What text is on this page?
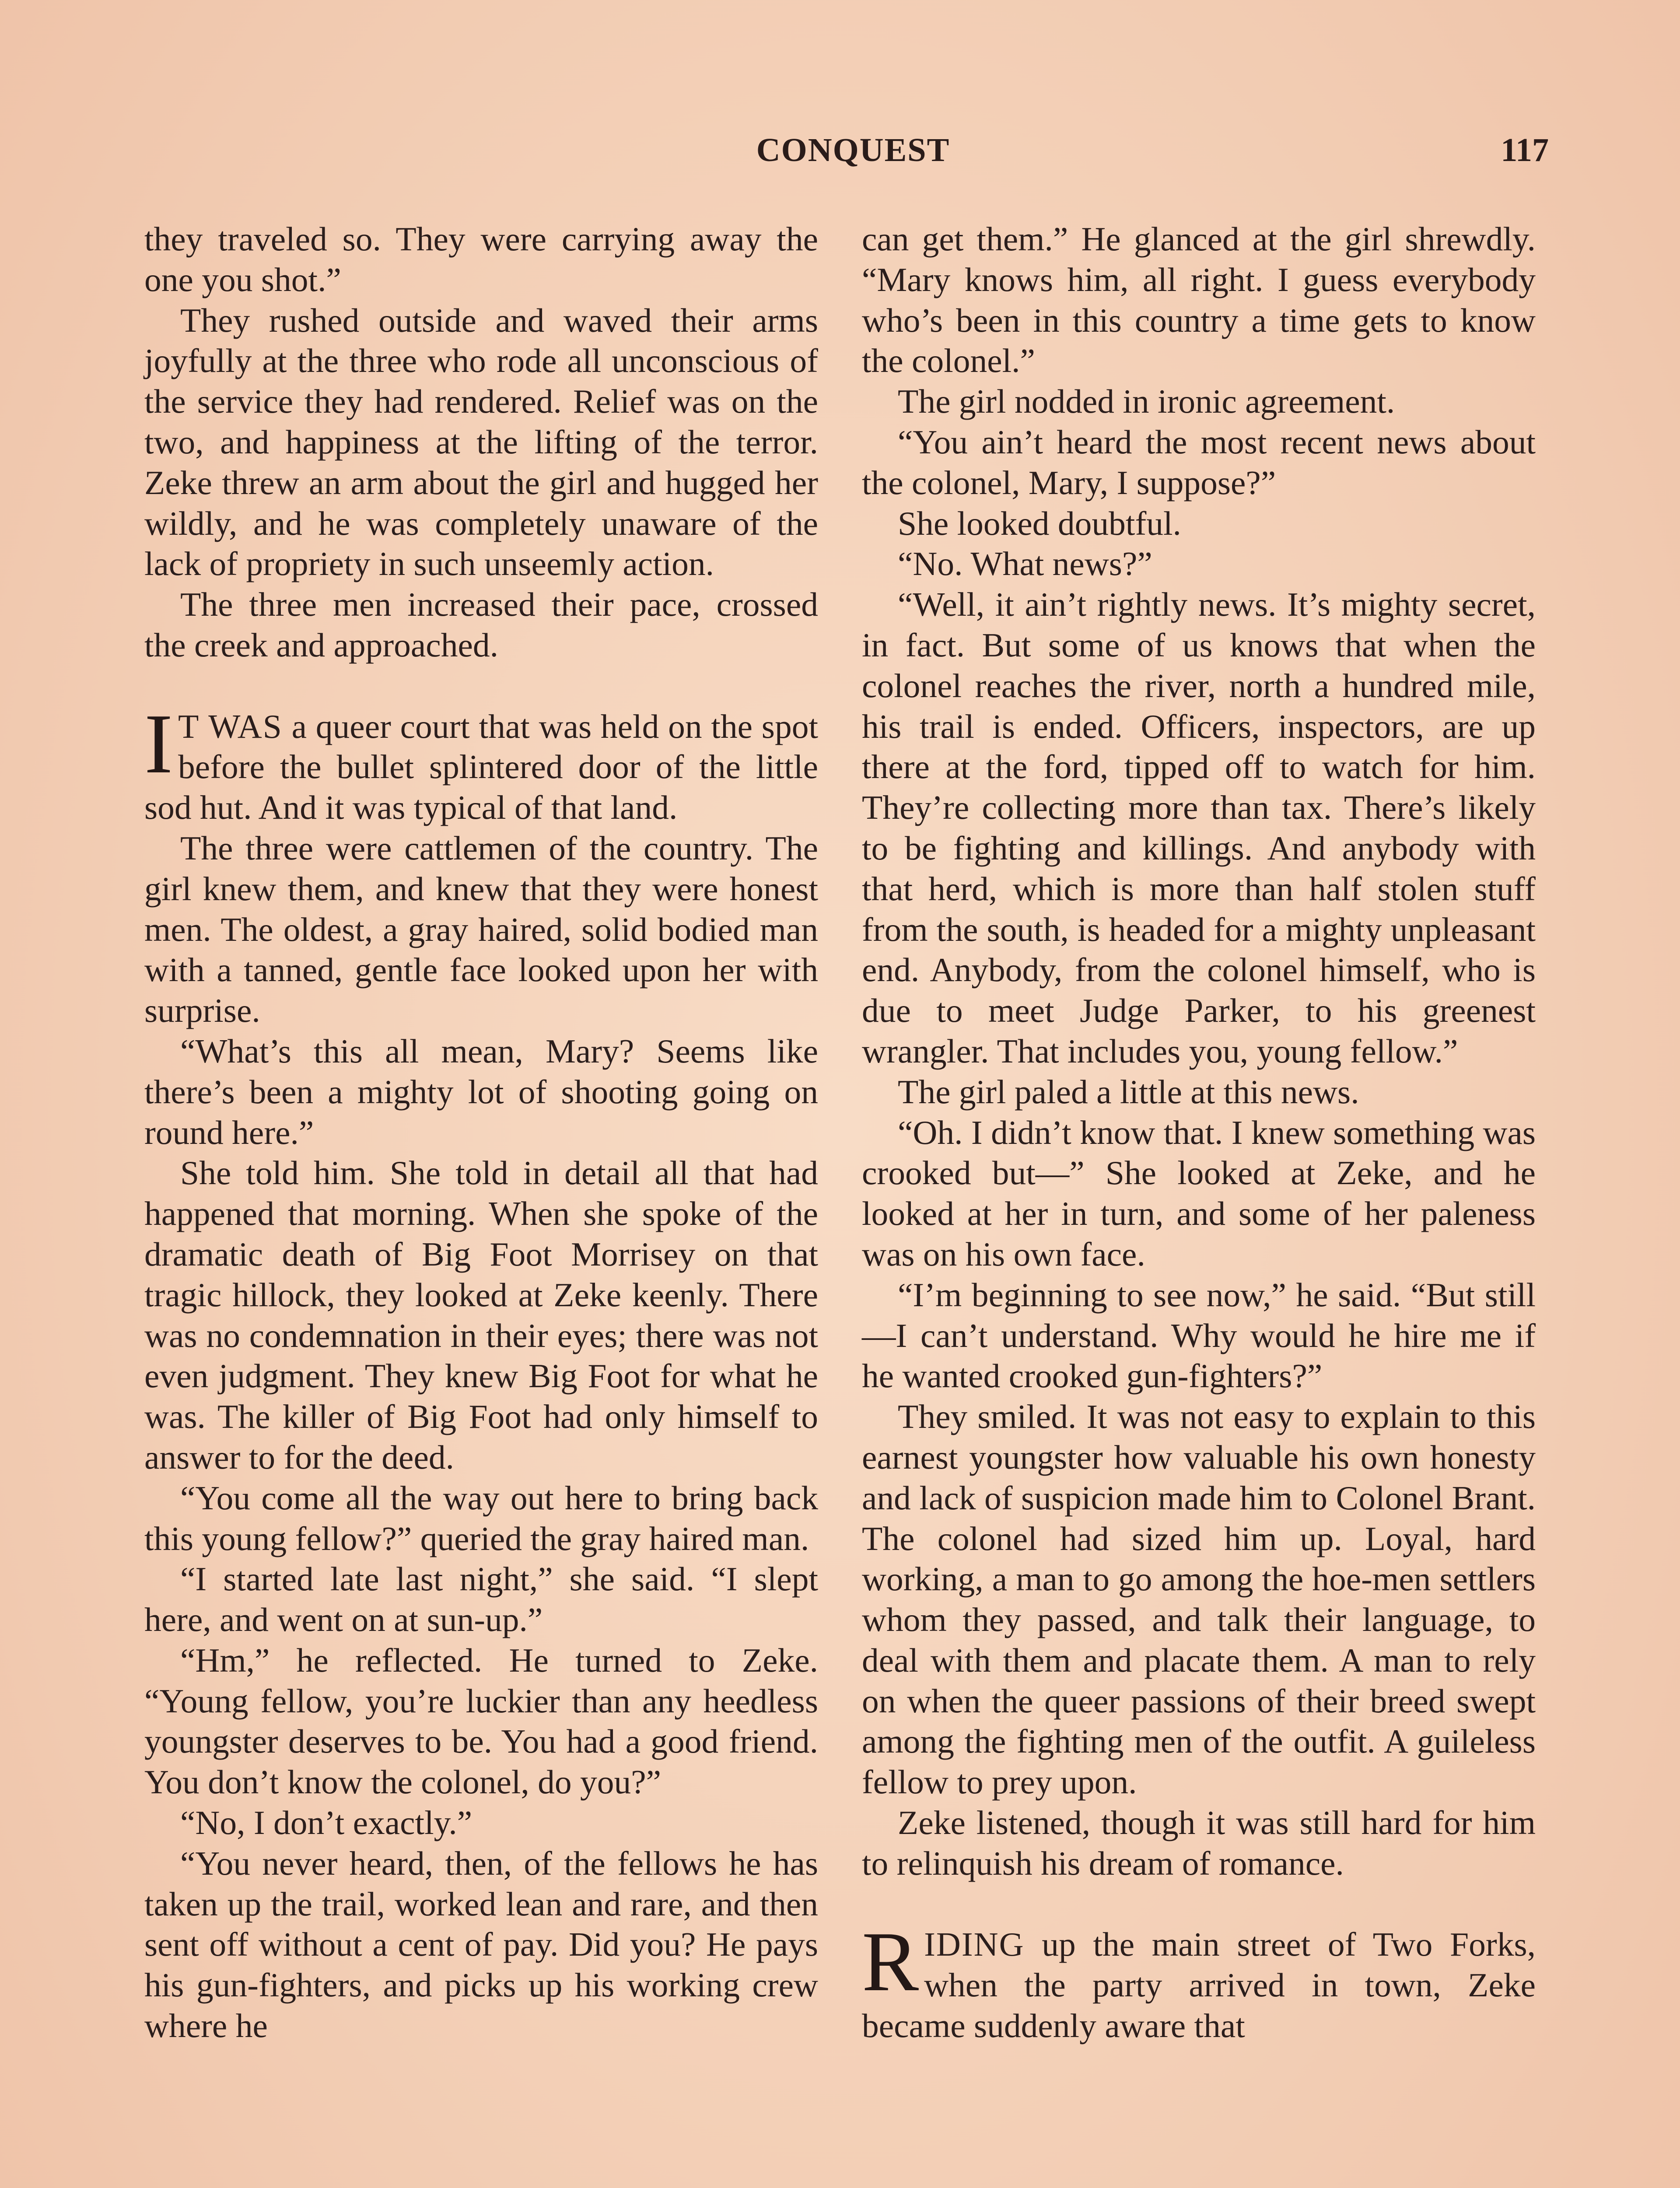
CONQUEST	117

they traveled so. They were carrying away the one you shot.”

They rushed outside and waved their arms joyfully at the three who rode all unconscious of the service they had rendered. Relief was on the two, and happiness at the lifting of the terror. Zeke threw an arm about the girl and hugged her wildly, and he was completely unaware of the lack of propriety in such unseemly action.

The three men increased their pace, crossed the creek and approached.

IT WAS a queer court that was held on the spot before the bullet splintered door of the little sod hut. And it was typical of that land.

The three were cattlemen of the country. The girl knew them, and knew that they were honest men. The oldest, a gray haired, solid bodied man with a tanned, gentle face looked upon her with surprise.

“What’s this all mean, Mary? Seems like there’s been a mighty lot of shooting going on round here.”

She told him. She told in detail all that had happened that morning. When she spoke of the dramatic death of Big Foot Morrisey on that tragic hillock, they looked at Zeke keenly. There was no condemnation in their eyes; there was not even judgment. They knew Big Foot for what he was. The killer of Big Foot had only himself to answer to for the deed.

“You come all the way out here to bring back this young fellow?” queried the gray haired man.

“I started late last night,” she said. “I slept here, and went on at sun-up.”

“Hm,” he reflected. He turned to Zeke. “Young fellow, you’re luckier than any heedless youngster deserves to be. You had a good friend. You don’t know the colonel, do you?”

“No, I don’t exactly.”

“You never heard, then, of the fellows he has taken up the trail, worked lean and rare, and then sent off without a cent of pay. Did you? He pays his gun-fighters, and picks up his working crew where he

can get them.” He glanced at the girl shrewdly. “Mary knows him, all right. I guess everybody who’s been in this country a time gets to know the colonel.”

The girl nodded in ironic agreement.

“You ain’t heard the most recent news about the colonel, Mary, I suppose?”

She looked doubtful.

“No. What news?”

“Well, it ain’t rightly news. It’s mighty secret, in fact. But some of us knows that when the colonel reaches the river, north a hundred mile, his trail is ended. Officers, inspectors, are up there at the ford, tipped off to watch for him. They’re collecting more than tax. There’s likely to be fighting and killings. And anybody with that herd, which is more than half stolen stuff from the south, is headed for a mighty unpleasant end. Anybody, from the colonel himself, who is due to meet Judge Parker, to his greenest wrangler. That includes you, young fellow.”

The girl paled a little at this news.

“Oh. I didn’t know that. I knew something was crooked but—” She looked at Zeke, and he looked at her in turn, and some of her paleness was on his own face.

“I’m beginning to see now,” he said. “But still—I can’t understand. Why would he hire me if he wanted crooked gun-fighters?”

They smiled. It was not easy to explain to this earnest youngster how valuable his own honesty and lack of suspicion made him to Colonel Brant. The colonel had sized him up. Loyal, hard working, a man to go among the hoe-men settlers whom they passed, and talk their language, to deal with them and placate them. A man to rely on when the queer passions of their breed swept among the fighting men of the outfit. A guileless fellow to prey upon.

Zeke listened, though it was still hard for him to relinquish his dream of romance.

RIDING up the main street of Two Forks, when the party arrived in town, Zeke became suddenly aware that
